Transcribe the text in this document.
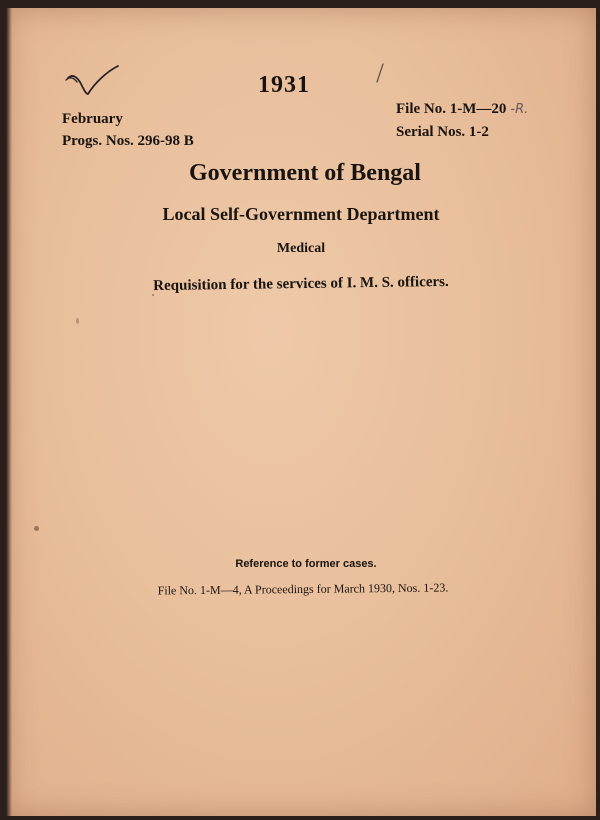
1931
February
Progs. Nos. 296-98 B
File No. 1-M—20 -R.
Serial Nos. 1-2
Government of Bengal
Local Self-Government Department
Medical
Requisition for the services of I. M. S. officers.
Reference to former cases.
File No. 1-M—4, A Proceedings for March 1930, Nos. 1-23.
